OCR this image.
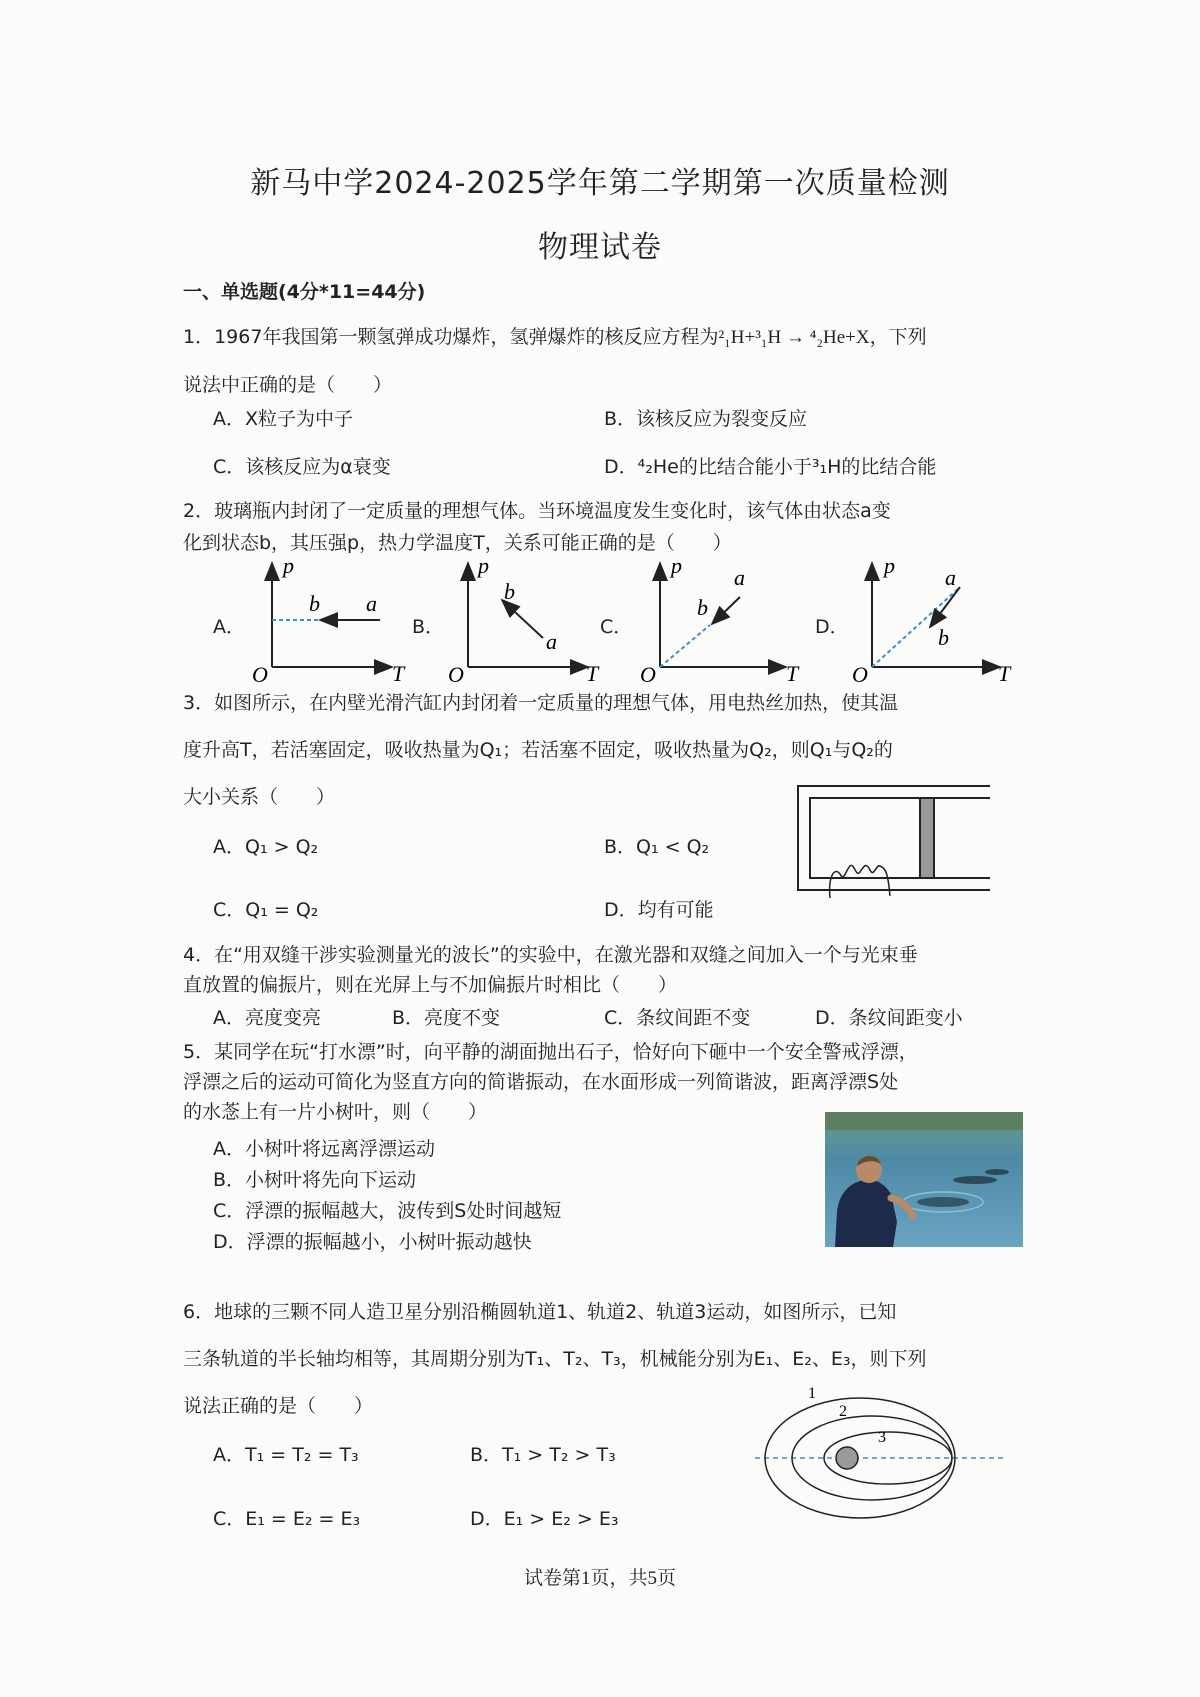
新马中学2024-2025学年第二学期第一次质量检测
物理试卷
一、单选题(4分*11=44分)
1．1967年我国第一颗氢弹成功爆炸，氢弹爆炸的核反应方程为²₁H+³₁H → ⁴₂He+X，下列
说法中正确的是（　　）
A．X粒子为中子	B．该核反应为裂变反应
C．该核反应为α衰变	D．⁴₂He的比结合能小于³₁H的比结合能
2．玻璃瓶内封闭了一定质量的理想气体。当环境温度发生变化时，该气体由状态a变
化到状态b，其压强p，热力学温度T，关系可能正确的是（　　）
A．	B．	C．	D．
p
T
O
b a
p
T
O
b
a
p
T
O
b
a	p
T
O
a
b
3．如图所示，在内壁光滑汽缸内封闭着一定质量的理想气体，用电热丝加热，使其温
度升高T，若活塞固定，吸收热量为Q₁；若活塞不固定，吸收热量为Q₂，则Q₁与Q₂的
大小关系（　　）
A．Q₁ > Q₂	B．Q₁ < Q₂
C．Q₁ = Q₂	D．均有可能
4．在“用双缝干涉实验测量光的波长”的实验中，在激光器和双缝之间加入一个与光束垂
直放置的偏振片，则在光屏上与不加偏振片时相比（　　）
A．亮度变亮	B．亮度不变	C．条纹间距不变	D．条纹间距变小
5．某同学在玩“打水漂”时，向平静的湖面抛出石子，恰好向下砸中一个安全警戒浮漂，
浮漂之后的运动可简化为竖直方向的简谐振动，在水面形成一列简谐波，距离浮漂S处
的水菍上有一片小树叶，则（　　）
A．小树叶将远离浮漂运动
B．小树叶将先向下运动
C．浮漂的振幅越大，波传到S处时间越短
D．浮漂的振幅越小，小树叶振动越快
6．地球的三颗不同人造卫星分别沿椭圆轨道1、轨道2、轨道3运动，如图所示，已知
三条轨道的半长轴均相等，其周期分别为T₁、T₂、T₃，机械能分别为E₁、E₂、E₃，则下列
说法正确的是（　　）
A．T₁ = T₂ = T₃	B．T₁ > T₂ > T₃
C．E₁ = E₂ = E₃	D．E₁ > E₂ > E₃
1
2
3
试卷第1页，共5页
